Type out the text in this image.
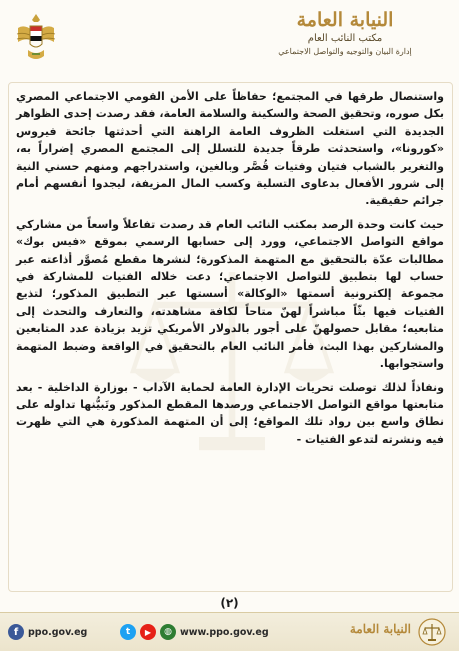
النيابة العامة
مكتب النائب العام
إدارة البيان والتوجيه والتواصل الاجتماعي

واستنصال طرقها في المجتمع؛ حفاظاً على الأمن القومي الاجتماعي المصري بكل صوره، وتحقيق الصحة والسكينة والسلامة العامة، فقد رصدت إحدى الظواهر الجديدة التي استغلت الظروف العامة الراهنة التي أحدثتها جائحة فيروس «كورونا»، واستحدثت طرقاً جديدة للتسلل إلى المجتمع المصري إضراراً به، والتغرير بالشباب فتيان وفتيات قُصَّر وبالغين، واستدراجهم ومنهم حسني النية إلى شرور الأفعال بدعاوى التسلية وكسب المال المزيفة، ليجدوا أنفسهم أمام جرائم حقيقية.

حيث كانت وحدة الرصد بمكتب النائب العام قد رصدت تفاعلاً واسعاً من مشاركي مواقع التواصل الاجتماعي، وورد إلى حسابها الرسمي بموقع «فيس بوك» مطالبات عدّة بالتحقيق مع المتهمة المذكورة؛ لنشرها مقطع مُصوَّر أذاعته عبر حساب لها بتطبيق للتواصل الاجتماعي؛ دعت خلاله الفتيات للمشاركة في مجموعة إلكترونية أسمتها «الوكالة» أسستها عبر التطبيق المذكور؛ لتذيع الفتيات فيها بثّاً مباشراً لهنّ متاحاً لكافة مشاهدته، والتعارف والتحدث إلى متابعيه؛ مقابل حصولهنّ على أجور بالدولار الأمريكي تزيد بزيادة عدد المتابعين والمشاركين بهذا البث، فأمر النائب العام بالتحقيق في الواقعة وضبط المتهمة واستجوابها.

ونفاذاً لذلك توصلت تحريات الإدارة العامة لحماية الآداب - بوزارة الداخلية - بعد متابعتها مواقع التواصل الاجتماعي ورصدها المقطع المذكور وتَبيُّنها تداوله على نطاق واسع بين رواد تلك المواقع؛ إلى أن المتهمة المذكورة هي التي ظهرت فيه ونشرته لتدعو الفتيات -

(٢)
f	ppo.gov.eg	t	▶	◍ www.ppo.gov.eg	النيابة العامة
